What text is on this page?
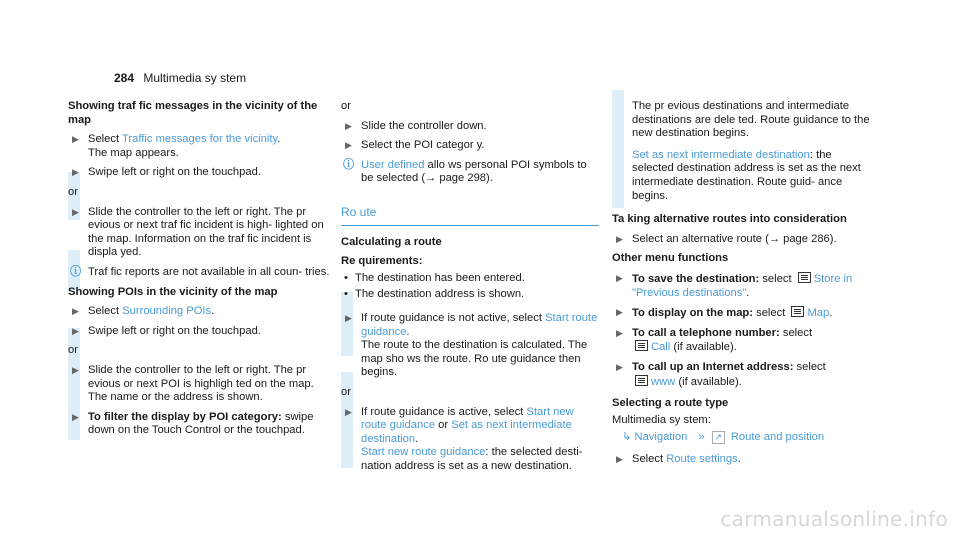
284 Multimedia sy stem
Showing traf fic messages in the vicinity of the map
▶ Select Traffic messages for the vicinity.
The map appears.
▶ Swipe left or right on the touchpad.
or
▶ Slide the controller to the left or right. The pr evious or next traf fic incident is high‐ lighted on the map. Information on the traf fic incident is displa yed.
ⓘ Traf fic reports are not available in all coun‐ tries.
Showing POIs in the vicinity of the map
▶ Select Surrounding POIs.
▶ Swipe left or right on the touchpad.
or
▶ Slide the controller to the left or right. The pr evious or next POI is highligh ted on the map. The name or the address is shown.
▶ To filter the display by POI category: swipe down on the Touch Control or the touchpad.
or
▶ Slide the controller down.
▶ Select the POI categor y.
ⓘ User defined allo ws personal POI symbols to be selected (→ page 298).
Ro ute
Calculating a route
Re quirements:
• The destination has been entered.
• The destination address is shown.
▶ If route guidance is not active, select Start route guidance.
The route to the destination is calculated. The map sho ws the route. Ro ute guidance then begins.
or
▶ If route guidance is active, select Start new route guidance or Set as next intermediate destination.
Start new route guidance: the selected desti‐ nation address is set as a new destination.
The pr evious destinations and intermediate destinations are dele ted. Route guidance to the new destination begins.
Set as next intermediate destination: the selected destination address is set as the next intermediate destination. Route guid‐ ance begins.
Ta king alternative routes into consideration
▶ Select an alternative route (→ page 286).
Other menu functions
▶ To save the destination: select Store in "Previous destinations".
▶ To display on the map: select Map.
▶ To call a telephone number: select
Call (if available).
▶ To call up an Internet address: select
www (if available).
Selecting a route type
Multimedia sy stem:
↳ Navigation » ↗ Route and position
▶ Select Route settings.
carmanualsonline.info
